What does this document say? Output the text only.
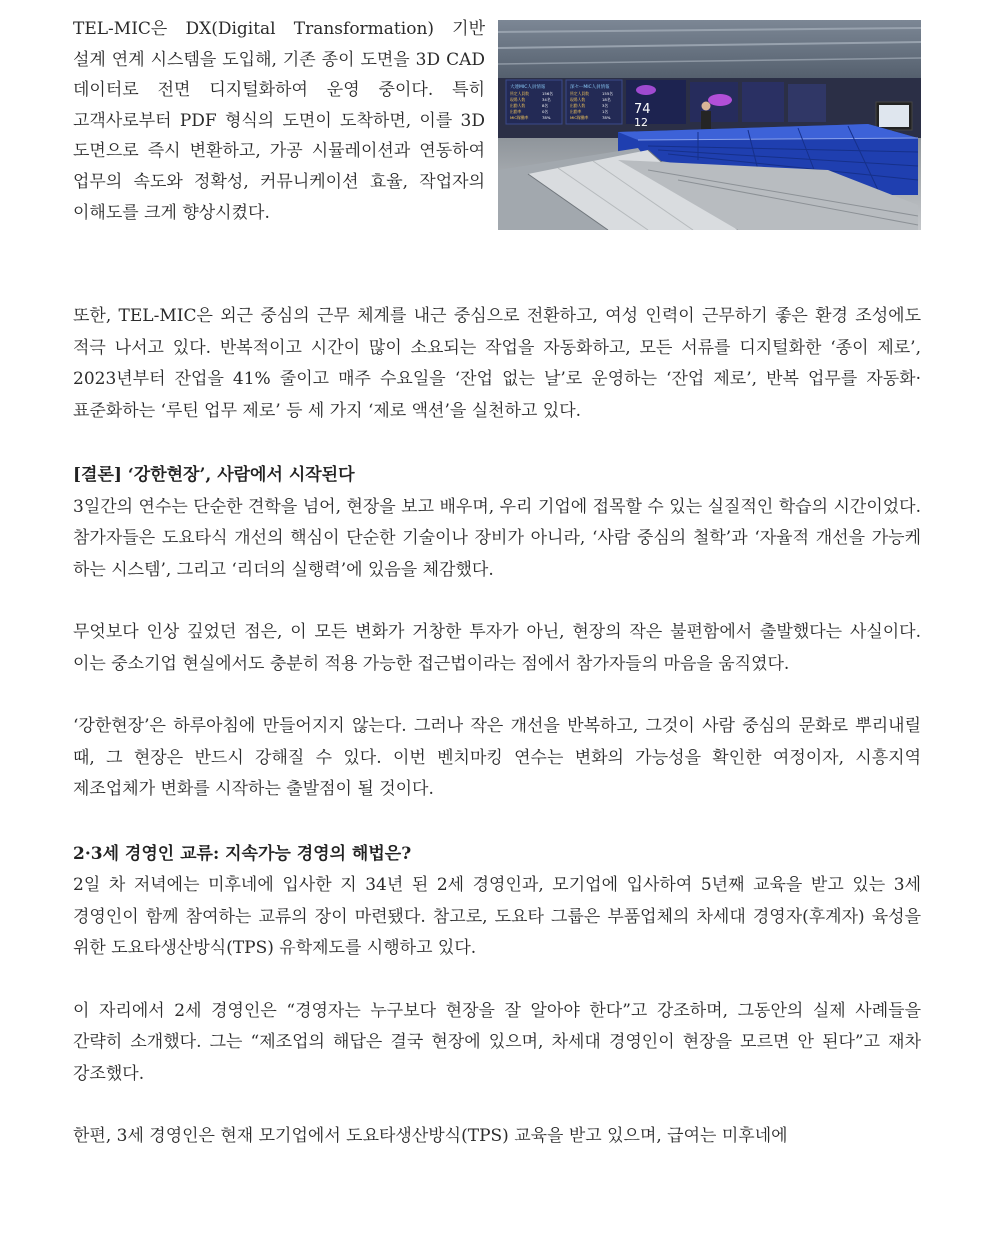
TEL-MIC은 DX(Digital Transformation) 기반 설계 연계 시스템을 도입해, 기존 종이 도면을 3D CAD 데이터로 전면 디지털화하여 운영 중이다. 특히 고객사로부터 PDF 형식의 도면이 도착하면, 이를 3D 도면으로 즉시 변환하고, 가공 시뮬레이션과 연동하여 업무의 속도와 정확성, 커뮤니케이션 효율, 작업자의 이해도를 크게 향상시켰다.

大連MIC人員情報
所定人員数
現場人数
出勤人数
出勤率
MIC稼働率
156名
34名
8名
0名
78%
深セーMIC人員情報
所定人員数
現場人数
出勤人数
出勤率
MIC稼働率
155名
18名
3名
1名
78%
74
12

또한, TEL-MIC은 외근 중심의 근무 체계를 내근 중심으로 전환하고, 여성 인력이 근무하기 좋은 환경 조성에도 적극 나서고 있다. 반복적이고 시간이 많이 소요되는 작업을 자동화하고, 모든 서류를 디지털화한 ‘종이 제로’, 2023년부터 잔업을 41% 줄이고 매주 수요일을 ‘잔업 없는 날’로 운영하는 ‘잔업 제로’, 반복 업무를 자동화·표준화하는 ‘루틴 업무 제로’ 등 세 가지 ‘제로 액션’을 실천하고 있다.

[결론] ‘강한현장’, 사람에서 시작된다

3일간의 연수는 단순한 견학을 넘어, 현장을 보고 배우며, 우리 기업에 접목할 수 있는 실질적인 학습의 시간이었다. 참가자들은 도요타식 개선의 핵심이 단순한 기술이나 장비가 아니라, ‘사람 중심의 철학’과 ‘자율적 개선을 가능케 하는 시스템’, 그리고 ‘리더의 실행력’에 있음을 체감했다.

무엇보다 인상 깊었던 점은, 이 모든 변화가 거창한 투자가 아닌, 현장의 작은 불편함에서 출발했다는 사실이다. 이는 중소기업 현실에서도 충분히 적용 가능한 접근법이라는 점에서 참가자들의 마음을 움직였다.

‘강한현장’은 하루아침에 만들어지지 않는다. 그러나 작은 개선을 반복하고, 그것이 사람 중심의 문화로 뿌리내릴 때, 그 현장은 반드시 강해질 수 있다. 이번 벤치마킹 연수는 변화의 가능성을 확인한 여정이자, 시흥지역 제조업체가 변화를 시작하는 출발점이 될 것이다.

2·3세 경영인 교류: 지속가능 경영의 해법은?

2일 차 저녁에는 미후네에 입사한 지 34년 된 2세 경영인과, 모기업에 입사하여 5년째 교육을 받고 있는 3세 경영인이 함께 참여하는 교류의 장이 마련됐다. 참고로, 도요타 그룹은 부품업체의 차세대 경영자(후계자) 육성을 위한 도요타생산방식(TPS) 유학제도를 시행하고 있다.

이 자리에서 2세 경영인은 “경영자는 누구보다 현장을 잘 알아야 한다”고 강조하며, 그동안의 실제 사례들을 간략히 소개했다. 그는 “제조업의 해답은 결국 현장에 있으며, 차세대 경영인이 현장을 모르면 안 된다”고 재차 강조했다.

한편, 3세 경영인은 현재 모기업에서 도요타생산방식(TPS) 교육을 받고 있으며, 급여는 미후네에
